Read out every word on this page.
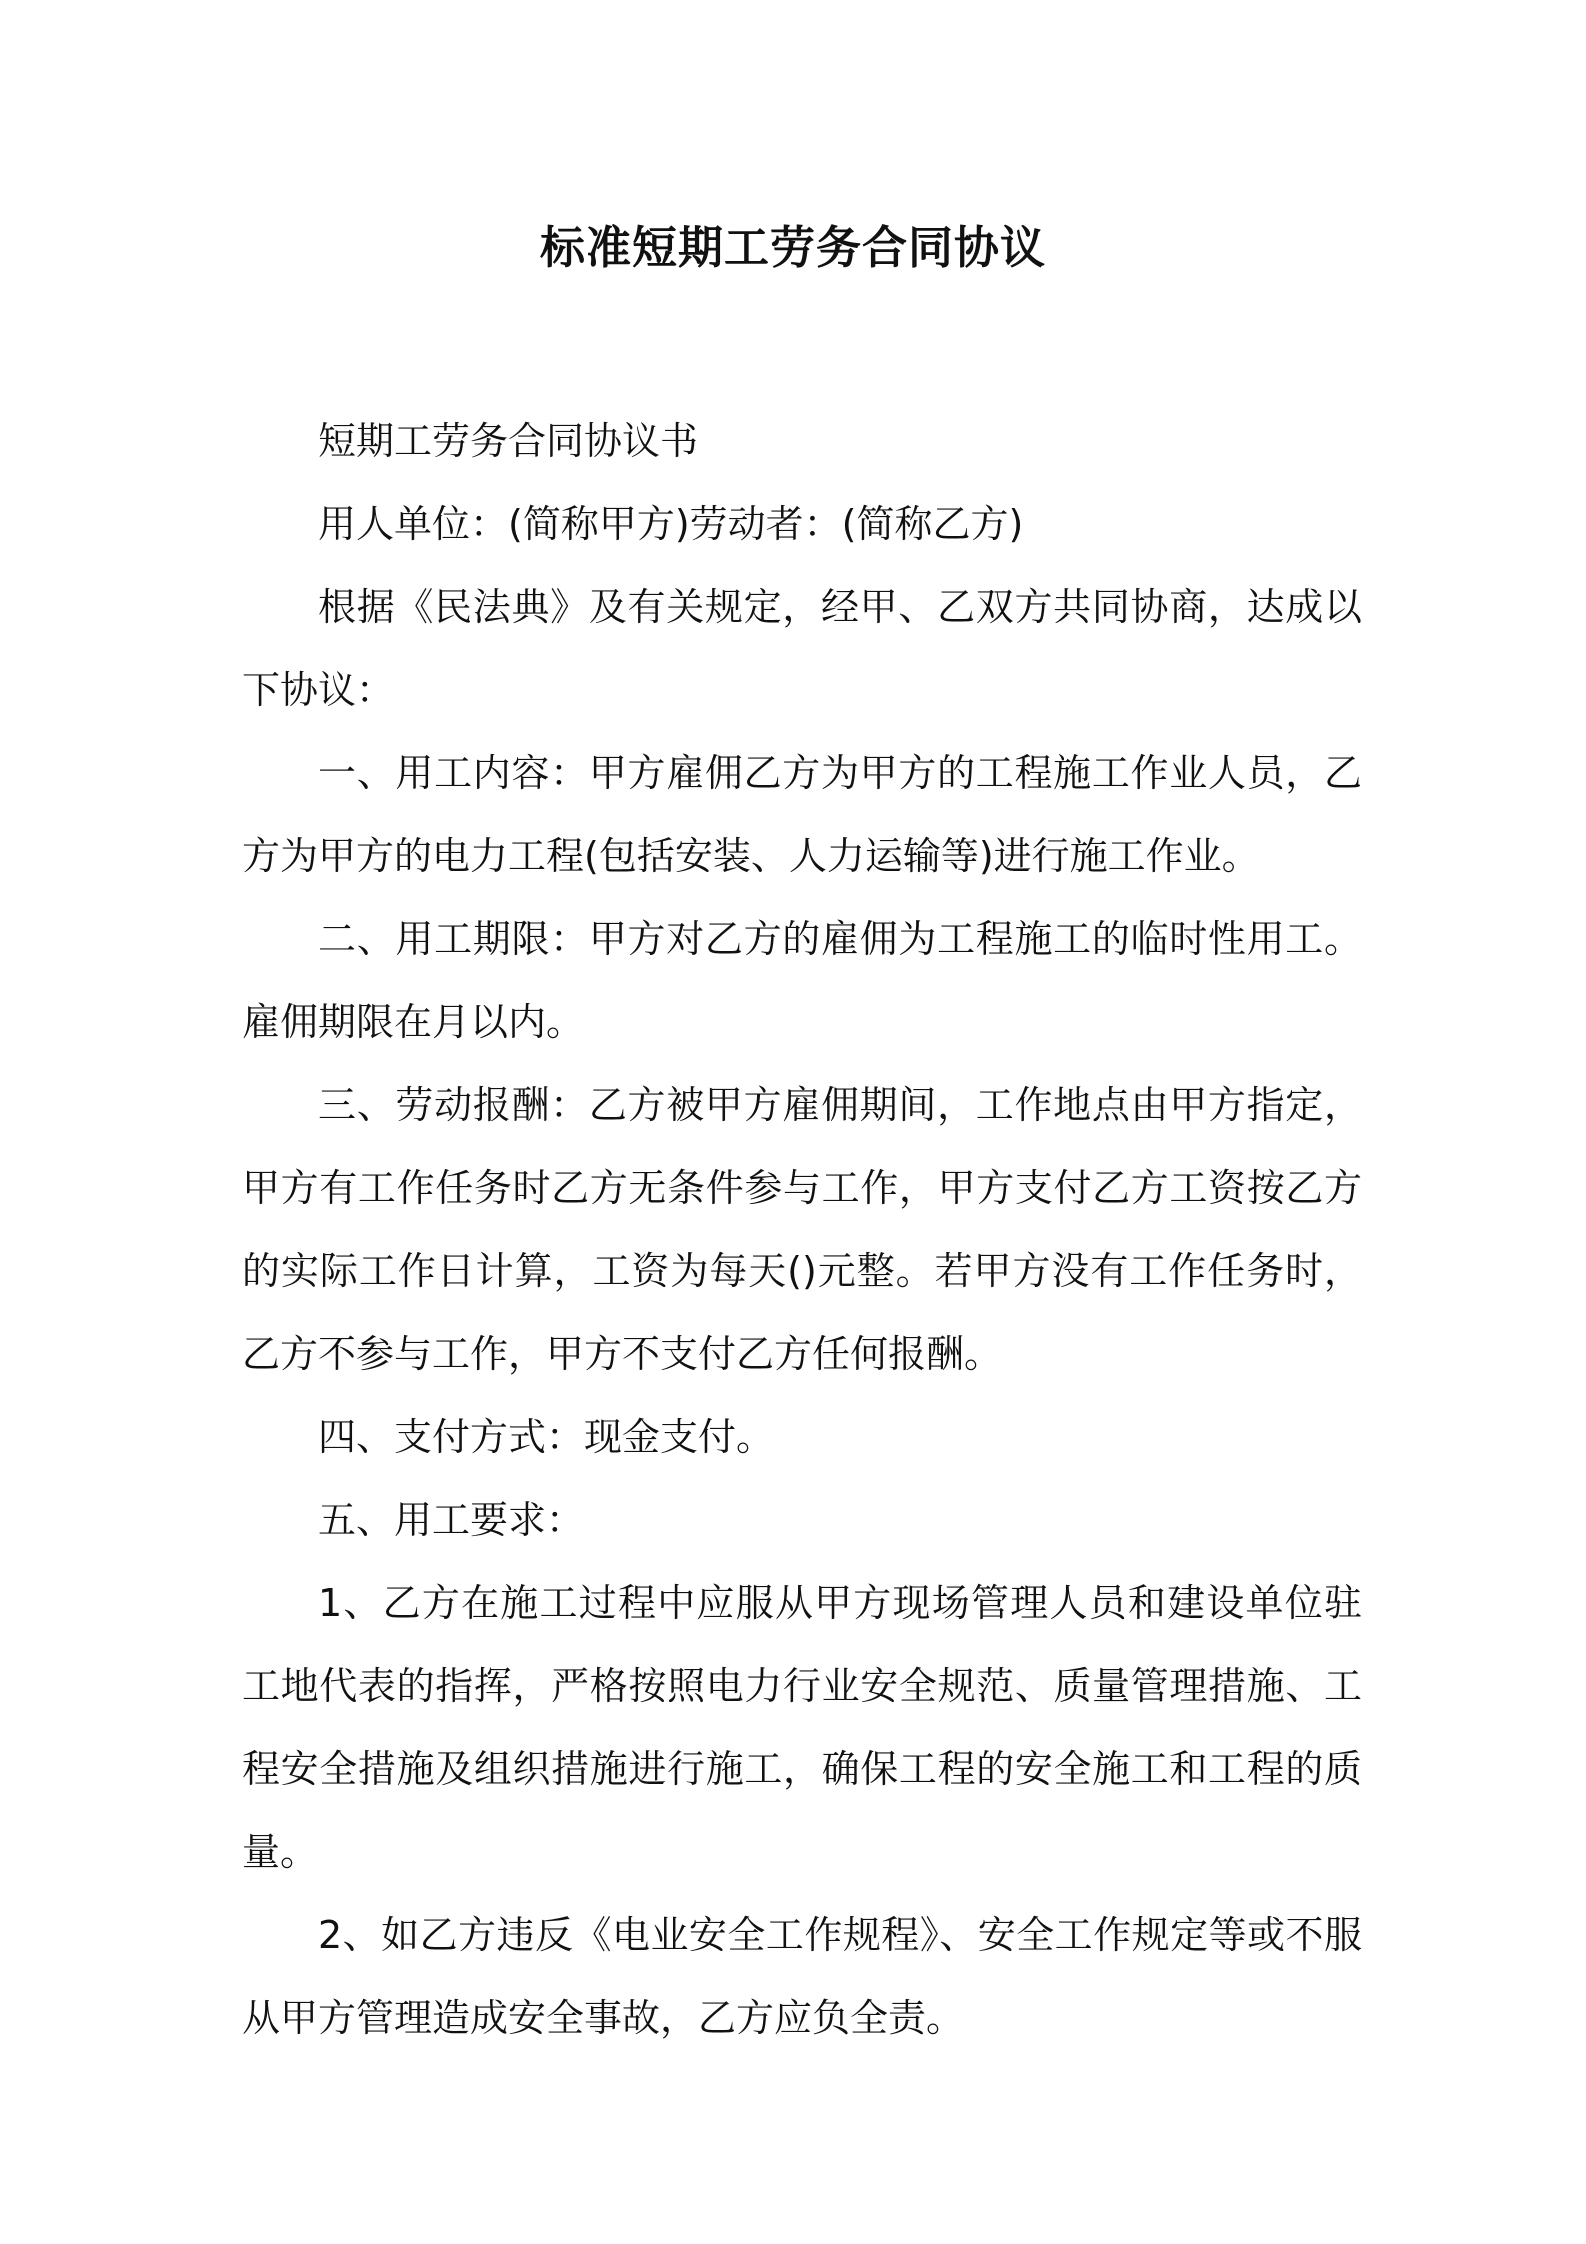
标准短期工劳务合同协议

短期工劳务合同协议书

用人单位：(简称甲方)劳动者：(简称乙方)

根据《民法典》及有关规定，经甲、乙双方共同协商，达成以下协议：

一、用工内容：甲方雇佣乙方为甲方的工程施工作业人员，乙方为甲方的电力工程(包括安装、人力运输等)进行施工作业。

二、用工期限：甲方对乙方的雇佣为工程施工的临时性用工。雇佣期限在月以内。

三、劳动报酬：乙方被甲方雇佣期间，工作地点由甲方指定，甲方有工作任务时乙方无条件参与工作，甲方支付乙方工资按乙方的实际工作日计算，工资为每天()元整。若甲方没有工作任务时，乙方不参与工作，甲方不支付乙方任何报酬。

四、支付方式：现金支付。

五、用工要求：

1、乙方在施工过程中应服从甲方现场管理人员和建设单位驻工地代表的指挥，严格按照电力行业安全规范、质量管理措施、工程安全措施及组织措施进行施工，确保工程的安全施工和工程的质量。

2、如乙方违反《电业安全工作规程》、安全工作规定等或不服从甲方管理造成安全事故，乙方应负全责。
